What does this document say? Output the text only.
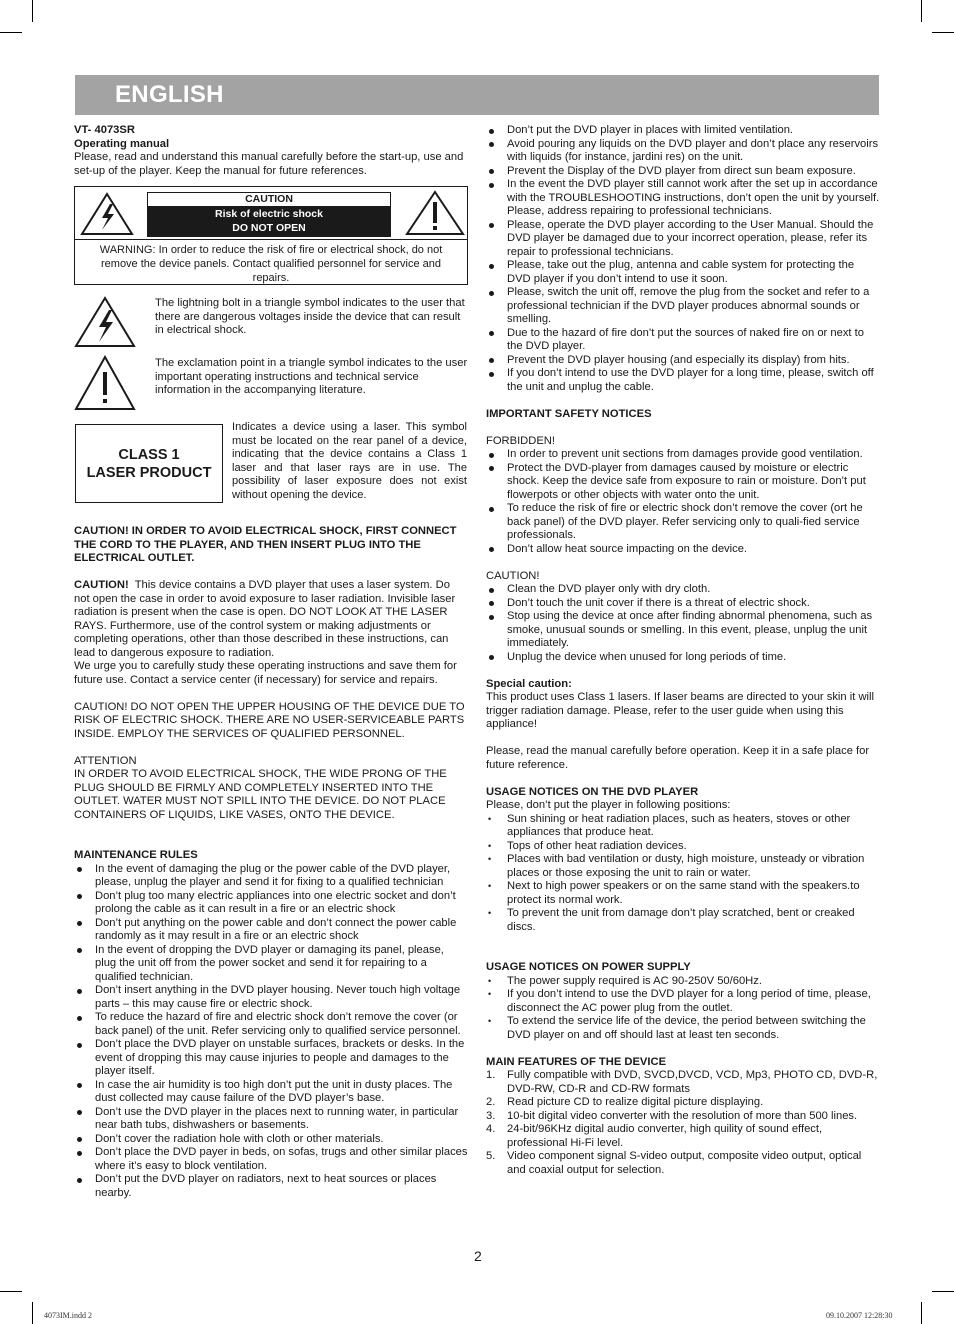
ENGLISH

VT- 4073SR

Operating manual

Please, read and understand this manual carefully before the start-up, use and set-up of the player. Keep the manual for future references.

CAUTION
Risk of electric shock
DO NOT OPEN
WARNING: In order to reduce the risk of fire or electrical shock, do not remove the device panels. Contact qualified personnel for service and repairs.
The lightning bolt in a triangle symbol indicates to the user that there are dangerous voltages inside the device that can result in electrical shock.
The exclamation point in a triangle symbol indicates to the user important operating instructions and technical service information in the accompanying literature.
CLASS 1
LASER PRODUCT
Indicates a device using a laser. This symbol must be located on the rear panel of a device, indicating that the device contains a Class 1 laser and that laser rays are in use. The possibility of laser exposure does not exist without opening the device.

CAUTION! IN ORDER TO AVOID ELECTRICAL SHOCK, FIRST CONNECT THE CORD TO THE PLAYER, AND THEN INSERT PLUG INTO THE ELECTRICAL OUTLET.

CAUTION! This device contains a DVD player that uses a laser system. Do not open the case in order to avoid exposure to laser radiation. Invisible laser radiation is present when the case is open. DO NOT LOOK AT THE LASER RAYS. Furthermore, use of the control system or making adjustments or completing operations, other than those described in these instructions, can lead to dangerous exposure to radiation.

We urge you to carefully study these operating instructions and save them for future use. Contact a service center (if necessary) for service and repairs.

CAUTION! DO NOT OPEN THE UPPER HOUSING OF THE DEVICE DUE TO RISK OF ELECTRIC SHOCK. THERE ARE NO USER-SERVICEABLE PARTS INSIDE. EMPLOY THE SERVICES OF QUALIFIED PERSONNEL.

ATTENTION

IN ORDER TO AVOID ELECTRICAL SHOCK, THE WIDE PRONG OF THE PLUG SHOULD BE FIRMLY AND COMPLETELY INSERTED INTO THE OUTLET. WATER MUST NOT SPILL INTO THE DEVICE. DO NOT PLACE CONTAINERS OF LIQUIDS, LIKE VASES, ONTO THE DEVICE.

MAINTENANCE RULES

In the event of damaging the plug or the power cable of the DVD player, please, unplug the player and send it for fixing to a qualified technician
Don’t plug too many electric appliances into one electric socket and don’t prolong the cable as it can result in a fire or an electric shock
Don’t put anything on the power cable and don’t connect the power cable randomly as it may result in a fire or an electric shock
In the event of dropping the DVD player or damaging its panel, please, plug the unit off from the power socket and send it for repairing to a qualified technician.
Don’t insert anything in the DVD player housing. Never touch high voltage parts – this may cause fire or electric shock.
To reduce the hazard of fire and electric shock don’t remove the cover (or back panel) of the unit. Refer servicing only to qualified service personnel.
Don’t place the DVD player on unstable surfaces, brackets or desks. In the event of dropping this may cause injuries to people and damages to the player itself.
In case the air humidity is too high don’t put the unit in dusty places. The dust collected may cause failure of the DVD player’s base.
Don’t use the DVD player in the places next to running water, in particular near bath tubs, dishwashers or basements.
Don’t cover the radiation hole with cloth or other materials.
Don’t place the DVD payer in beds, on sofas, trugs and other similar places where it’s easy to block ventilation.
Don’t put the DVD player on radiators, next to heat sources or places nearby.
Don’t put the DVD player in places with limited ventilation.
Avoid pouring any liquids on the DVD player and don’t place any reservoirs with liquids (for instance, jardini res) on the unit.
Prevent the Display of the DVD player from direct sun beam exposure.
In the event the DVD player still cannot work after the set up in accordance with the TROUBLESHOOTING instructions, don’t open the unit by yourself. Please, address repairing to professional technicians.
Please, operate the DVD player according to the User Manual. Should the DVD player be damaged due to your incorrect operation, please, refer its repair to professional technicians.
Please, take out the plug, antenna and cable system for protecting the DVD player if you don’t intend to use it soon.
Please, switch the unit off, remove the plug from the socket and refer to a professional technician if the DVD player produces abnormal sounds or smelling.
Due to the hazard of fire don’t put the sources of naked fire on or next to the DVD player.
Prevent the DVD player housing (and especially its display) from hits.
If you don’t intend to use the DVD player for a long time, please, switch off the unit and unplug the cable.

IMPORTANT SAFETY NOTICES

FORBIDDEN!

In order to prevent unit sections from damages provide good ventilation.
Protect the DVD-player from damages caused by moisture or electric shock. Keep the device safe from exposure to rain or moisture. Don’t put flowerpots or other objects with water onto the unit.
To reduce the risk of fire or electric shock don’t remove the cover (ort he back panel) of the DVD player. Refer servicing only to quali-fied service professionals.
Don’t allow heat source impacting on the device.

CAUTION!

Clean the DVD player only with dry cloth.
Don’t touch the unit cover if there is a threat of electric shock.
Stop using the device at once after finding abnormal phenomena, such as smoke, unusual sounds or smelling. In this event, please, unplug the unit immediately.
Unplug the device when unused for long periods of time.

Special caution:

This product uses Class 1 lasers. If laser beams are directed to your skin it will trigger radiation damage. Please, refer to the user guide when using this appliance!

Please, read the manual carefully before operation. Keep it in a safe place for future reference.

USAGE NOTICES ON THE DVD PLAYER

Please, don’t put the player in following positions:

• Sun shining or heat radiation places, such as heaters, stoves or other appliances that produce heat.
• Tops of other heat radiation devices.
• Places with bad ventilation or dusty, high moisture, unsteady or vibration places or those exposing the unit to rain or water.
• Next to high power speakers or on the same stand with the speakers.to protect its normal work.
• To prevent the unit from damage don’t play scratched, bent or creaked discs.

USAGE NOTICES ON POWER SUPPLY

• The power supply required is AC 90-250V 50/60Hz.
• If you don’t intend to use the DVD player for a long period of time, please, disconnect the AC power plug from the outlet.
• To extend the service life of the device, the period between switching the DVD player on and off should last at least ten seconds.

MAIN FEATURES OF THE DEVICE

1. Fully compatible with DVD, SVCD,DVCD, VCD, Mp3, PHOTO CD, DVD-R, DVD-RW, CD-R and CD-RW formats
2. Read picture CD to realize digital picture displaying.
3. 10-bit digital video converter with the resolution of more than 500 lines.
4. 24-bit/96KHz digital audio converter, high quility of sound effect, professional Hi-Fi level.
5. Video component signal S-video output, composite video output, optical and coaxial output for selection.
2
4073IM.indd 2	09.10.2007 12:28:30
